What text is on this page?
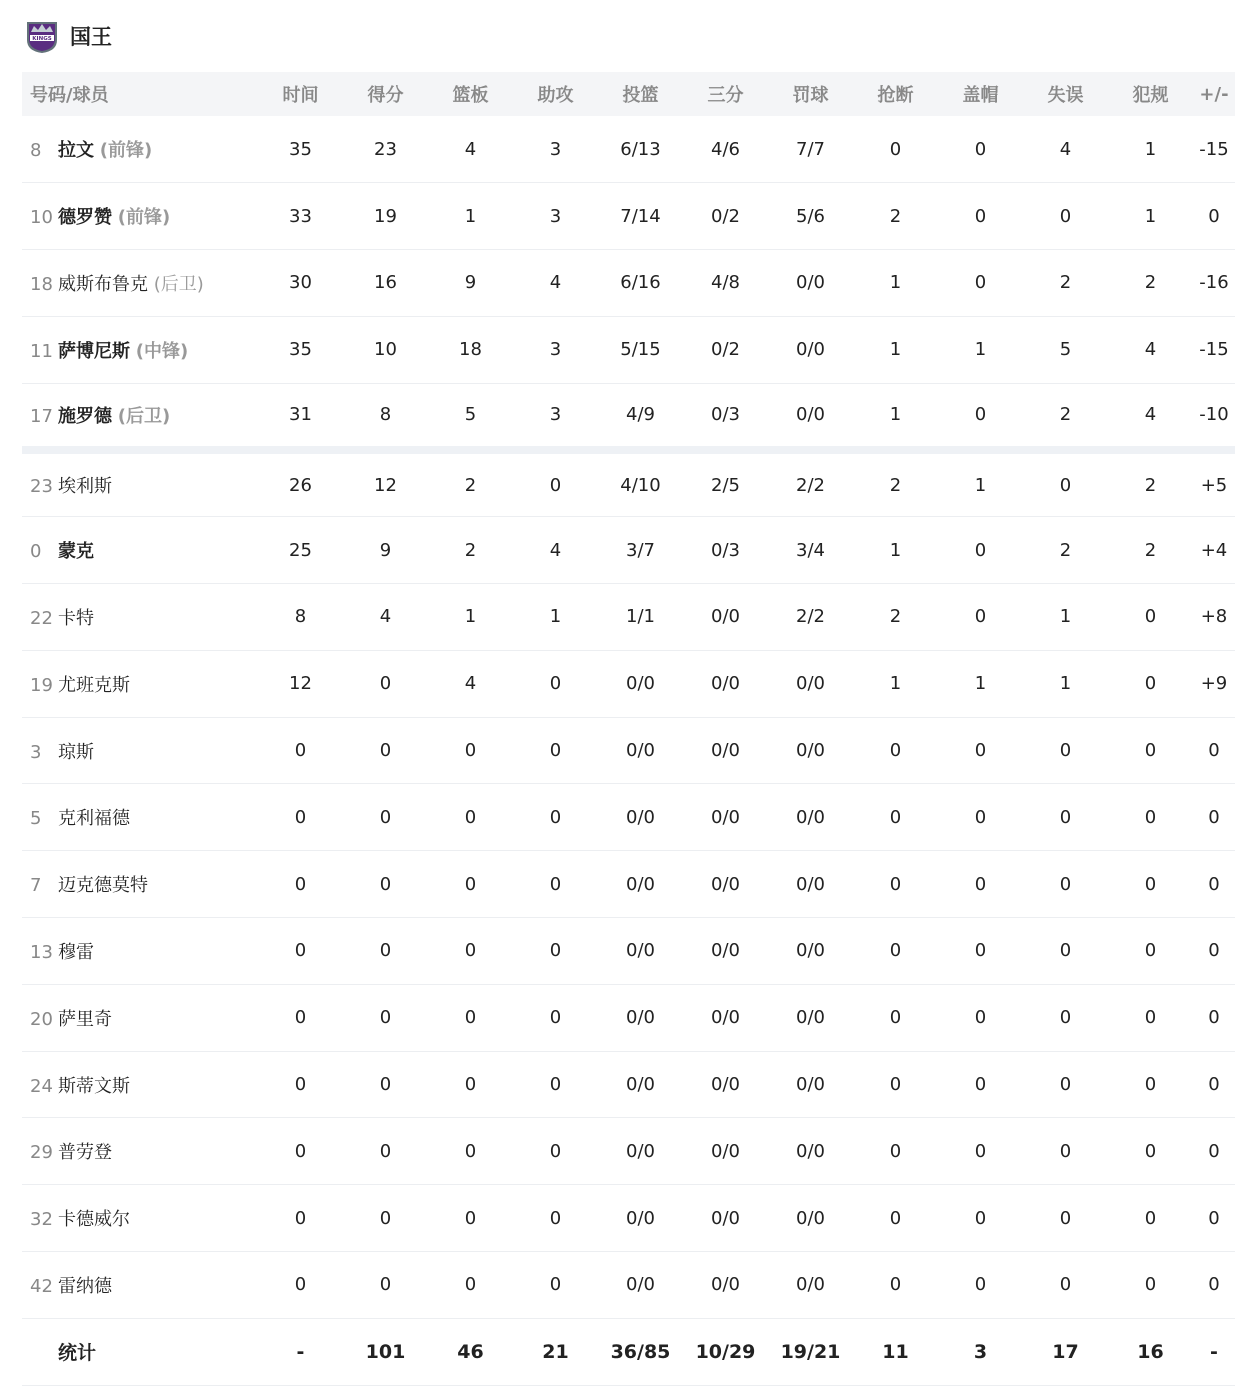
KINGS 国王
号码/球员	时间	得分	篮板	助攻	投篮	三分	罚球	抢断	盖帽	失误	犯规	+/-
8 拉文 (前锋)	35	23	4	3	6/13	4/6	7/7	0	0	4	1	-15
10 德罗赞 (前锋)	33	19	1	3	7/14	0/2	5/6	2	0	0	1	0
18 威斯布鲁克 (后卫)	30	16	9	4	6/16	4/8	0/0	1	0	2	2	-16
11 萨博尼斯 (中锋)	35	10	18	3	5/15	0/2	0/0	1	1	5	4	-15
17 施罗德 (后卫)	31	8	5	3	4/9	0/3	0/0	1	0	2	4	-10
23 埃利斯	26	12	2	0	4/10	2/5	2/2	2	1	0	2	+5
0 蒙克	25	9	2	4	3/7	0/3	3/4	1	0	2	2	+4
22 卡特	8	4	1	1	1/1	0/0	2/2	2	0	1	0	+8
19 尤班克斯	12	0	4	0	0/0	0/0	0/0	1	1	1	0	+9
3 琼斯	0	0	0	0	0/0	0/0	0/0	0	0	0	0	0
5 克利福德	0	0	0	0	0/0	0/0	0/0	0	0	0	0	0
7 迈克德莫特	0	0	0	0	0/0	0/0	0/0	0	0	0	0	0
13 穆雷	0	0	0	0	0/0	0/0	0/0	0	0	0	0	0
20 萨里奇	0	0	0	0	0/0	0/0	0/0	0	0	0	0	0
24 斯蒂文斯	0	0	0	0	0/0	0/0	0/0	0	0	0	0	0
29 普劳登	0	0	0	0	0/0	0/0	0/0	0	0	0	0	0
32 卡德威尔	0	0	0	0	0/0	0/0	0/0	0	0	0	0	0
42 雷纳德	0	0	0	0	0/0	0/0	0/0	0	0	0	0	0
统计	-	101	46	21	36/85	10/29	19/21	11	3	17	16	-
